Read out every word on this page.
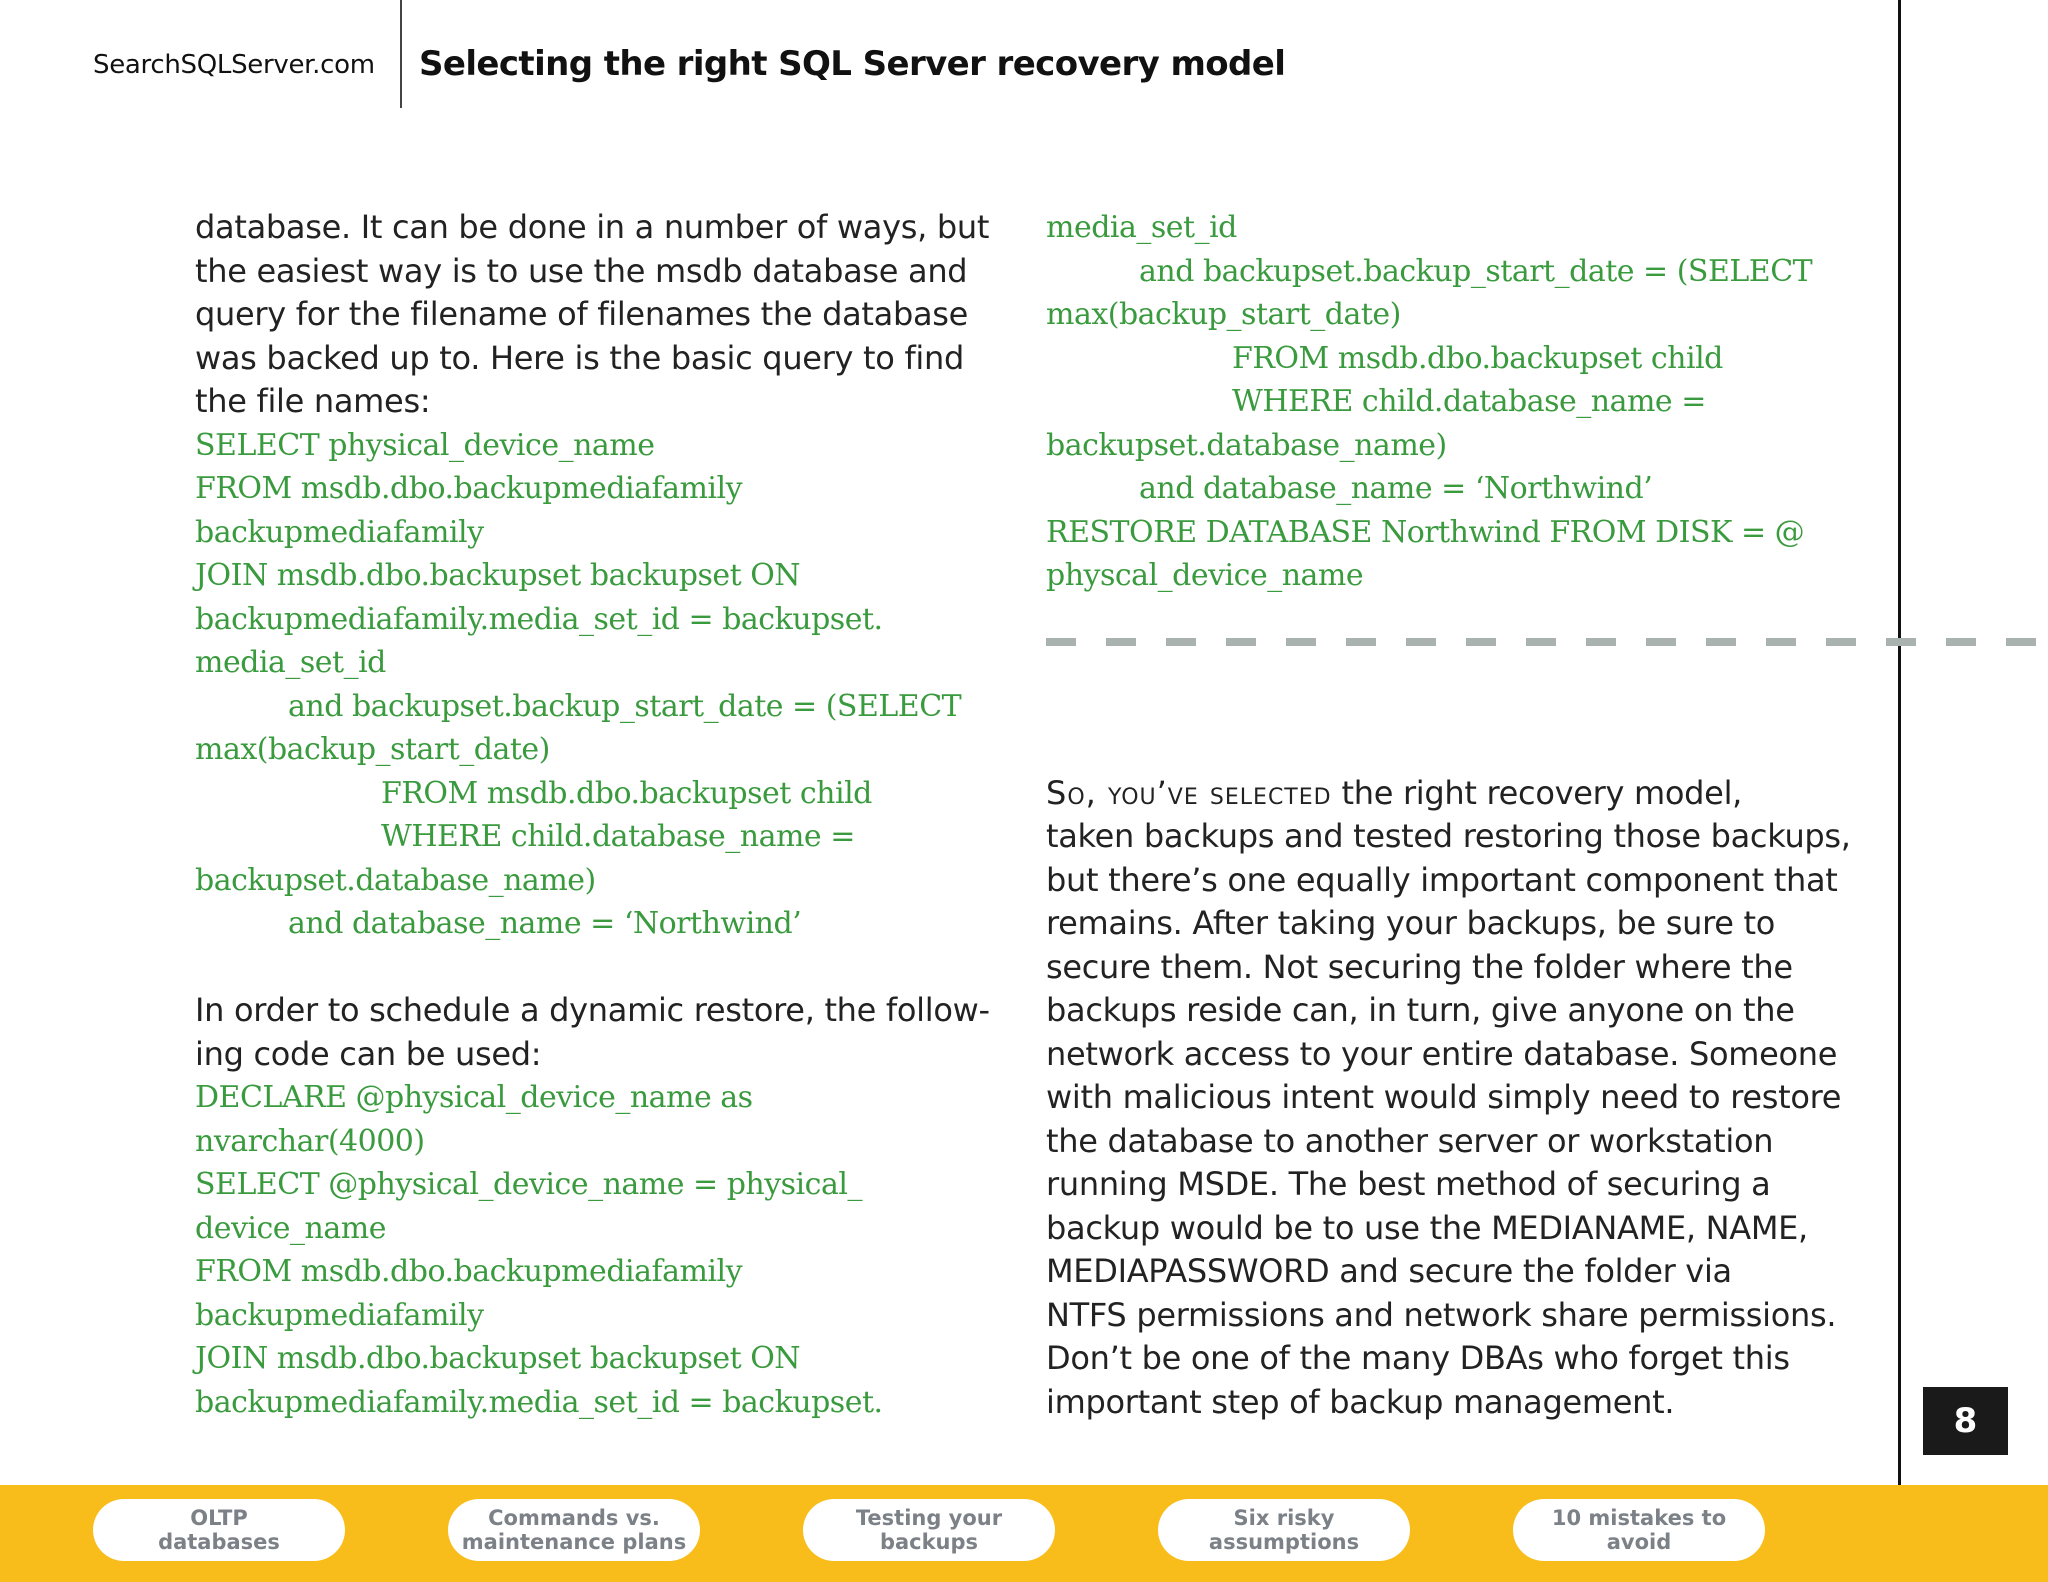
SearchSQLServer.com Selecting the right SQL Server recovery model
database. It can be done in a number of ways, but
the easiest way is to use the msdb database and
query for the filename of filenames the database
was backed up to. Here is the basic query to find
the file names:
SELECT physical_device_name
FROM msdb.dbo.backupmediafamily
backupmediafamily
JOIN msdb.dbo.backupset backupset ON
backupmediafamily.media_set_id = backupset.
media_set_id
and backupset.backup_start_date = (SELECT
max(backup_start_date)
FROM msdb.dbo.backupset child
WHERE child.database_name =
backupset.database_name)
and database_name = ‘Northwind’
In order to schedule a dynamic restore, the follow-
ing code can be used:
DECLARE @physical_device_name as
nvarchar(4000)
SELECT @physical_device_name = physical_
device_name
FROM msdb.dbo.backupmediafamily
backupmediafamily
JOIN msdb.dbo.backupset backupset ON
backupmediafamily.media_set_id = backupset.
media_set_id
and backupset.backup_start_date = (SELECT
max(backup_start_date)
FROM msdb.dbo.backupset child
WHERE child.database_name =
backupset.database_name)
and database_name = ‘Northwind’
RESTORE DATABASE Northwind FROM DISK = @
physcal_device_name
So, you’ve selected the right recovery model,
taken backups and tested restoring those backups,
but there’s one equally important component that
remains. After taking your backups, be sure to
secure them. Not securing the folder where the
backups reside can, in turn, give anyone on the
network access to your entire database. Someone
with malicious intent would simply need to restore
the database to another server or workstation
running MSDE. The best method of securing a
backup would be to use the MEDIANAME, NAME,
MEDIAPASSWORD and secure the folder via
NTFS permissions and network share permissions.
Don’t be one of the many DBAs who forget this
important step of backup management.	8
OLTP
databases
Commands vs.
maintenance plans
Testing your
backups
Six risky
assumptions
10 mistakes to
avoid
